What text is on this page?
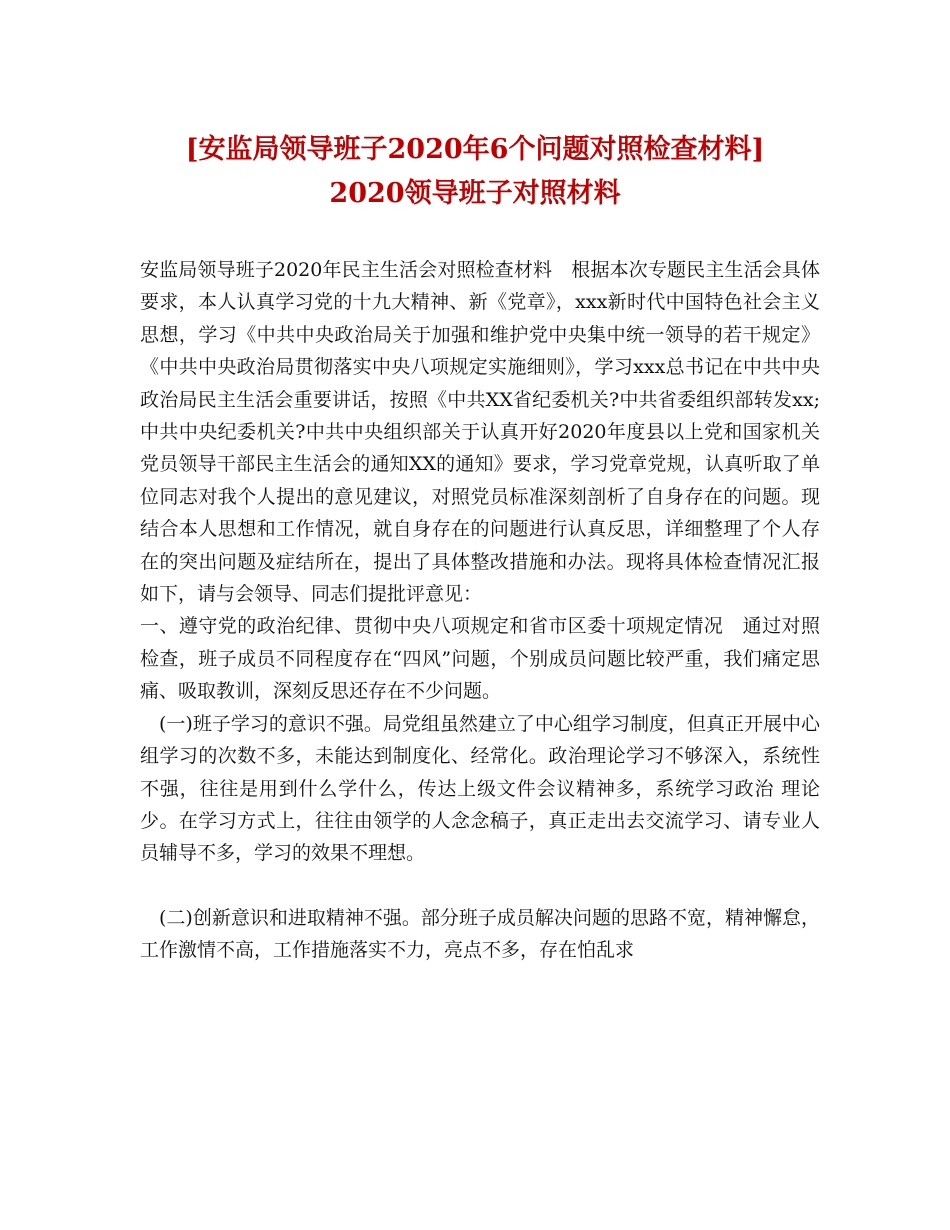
[安监局领导班子2020年6个问题对照检查材料]
2020领导班子对照材料

安监局领导班子2020年民主生活会对照检查材料　根据本次专题民主生活会具体要求，本人认真学习党的十九大精神、新《党章》，xxx新时代中国特色社会主义思想，学习《中共中央政治局关于加强和维护党中央集中统一领导的若干规定》《中共中央政治局贯彻落实中央八项规定实施细则》，学习xxx总书记在中共中央政治局民主生活会重要讲话，按照《中共XX省纪委机关?中共省委组织部转发xx;中共中央纪委机关?中共中央组织部关于认真开好2020年度县以上党和国家机关党员领导干部民主生活会的通知XX的通知》要求，学习党章党规，认真听取了单位同志对我个人提出的意见建议，对照党员标准深刻剖析了自身存在的问题。现结合本人思想和工作情况，就自身存在的问题进行认真反思，详细整理了个人存在的突出问题及症结所在，提出了具体整改措施和办法。现将具体检查情况汇报如下，请与会领导、同志们提批评意见：

一、遵守党的政治纪律、贯彻中央八项规定和省市区委十项规定情况　通过对照检查，班子成员不同程度存在“四风”问题，个别成员问题比较严重，我们痛定思痛、吸取教训，深刻反思还存在不少问题。

(一)班子学习的意识不强。局党组虽然建立了中心组学习制度，但真正开展中心组学习的次数不多，未能达到制度化、经常化。政治理论学习不够深入，系统性不强，往往是用到什么学什么，传达上级文件会议精神多，系统学习政治 理论少。在学习方式上，往往由领学的人念念稿子，真正走出去交流学习、请专业人员辅导不多，学习的效果不理想。

(二)创新意识和进取精神不强。部分班子成员解决问题的思路不宽，精神懈怠，工作激情不高，工作措施落实不力，亮点不多，存在怕乱求
